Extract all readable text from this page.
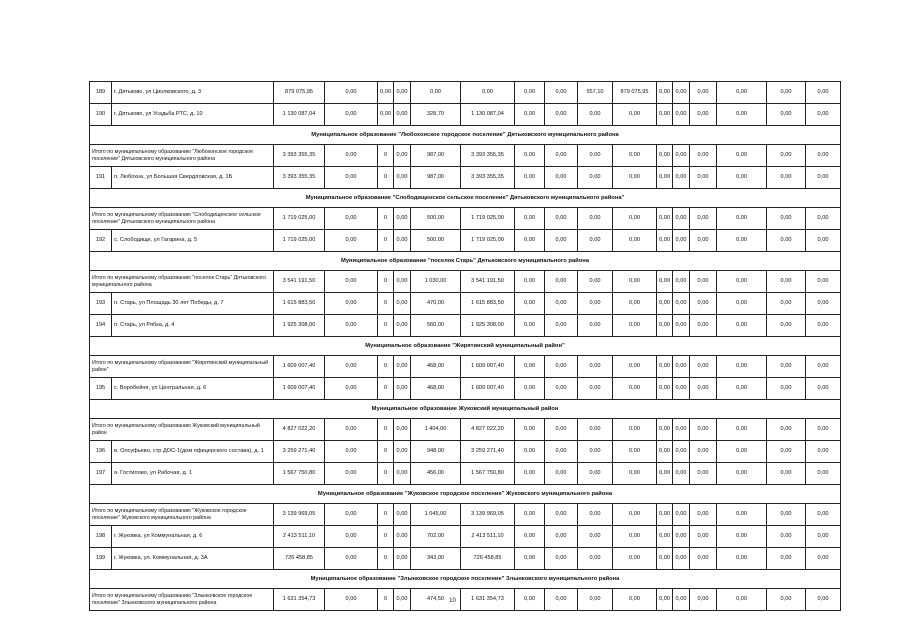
189	г. Дятьково, ул Циолковского, д. 3	879 075,95	0,00	0,00	0,00	0,00	0,00	0,00	0,00	557,10	879 075,95	0,00	0,00	0,00	0,00	0,00	0,00
190	г. Дятьково, ул Усадьба РТС, д. 10	1 130 087,04	0,00	0,00	0,00	328,70	1 130 087,04	0,00	0,00	0,00	0,00	0,00	0,00	0,00	0,00	0,00	0,00
Муниципальное образование "Любохонское городское поселение" Дятьковского муниципального района																	
Итого по муниципальному образованию "Любохонское городское поселение" Дятьковского муниципального района		3 393 355,35	0,00	0	0,00	987,00	3 393 355,35	0,00	0,00	0,00	0,00	0,00	0,00	0,00	0,00	0,00	0,00
191	п. Любохна, ул Большая Свердловская, д. 1Б	3 393 355,35	0,00	0	0,00	987,00	3 393 355,35	0,00	0,00	0,00	0,00	0,00	0,00	0,00	0,00	0,00	0,00
Муниципальное образование "Слободищенское сельское поселение" Дятьковского муниципального района"																	
Итого по муниципальному образованию "Слободищенское сельское поселение" Дятьковского муниципального района		1 719 025,00	0,00	0	0,00	500,00	1 719 025,00	0,00	0,00	0,00	0,00	0,00	0,00	0,00	0,00	0,00	0,00
192	с. Слободище, ул Гагарина, д. 5	1 719 025,00	0,00	0	0,00	500,00	1 719 025,00	0,00	0,00	0,00	0,00	0,00	0,00	0,00	0,00	0,00	0,00
Муниципальное образование "поселок Старь" Дятьковского муниципального района																	
Итого по муниципальному образованию "поселок Старь" Дятьковского муниципального района		3 541 191,50	0,00	0	0,00	1 030,00	3 541 191,50	0,00	0,00	0,00	0,00	0,00	0,00	0,00	0,00	0,00	0,00
193	п. Старь, ул Площадь 30 лет Победы, д. 7	1 615 883,50	0,00	0	0,00	470,00	1 615 883,50	0,00	0,00	0,00	0,00	0,00	0,00	0,00	0,00	0,00	0,00
194	п. Старь, ул Рябка, д. 4	1 925 308,00	0,00	0	0,00	560,00	1 925 308,00	0,00	0,00	0,00	0,00	0,00	0,00	0,00	0,00	0,00	0,00
Муниципальное образование "Жирятинский муниципальный район"																	
Итого по муниципальному образованию "Жирятинский муниципальный район"		1 609 007,40	0,00	0	0,00	468,00	1 609 007,40	0,00	0,00	0,00	0,00	0,00	0,00	0,00	0,00	0,00	0,00
195	с. Воробейня, ул Центральная, д. 6	1 609 007,40	0,00	0	0,00	468,00	1 609 007,40	0,00	0,00	0,00	0,00	0,00	0,00	0,00	0,00	0,00	0,00
Муниципальное образование Жуковский муниципальный район																	
Итого по муниципальному образованию Жуковский муниципальный район		4 827 022,20	0,00	0	0,00	1 404,00	4 827 022,20	0,00	0,00	0,00	0,00	0,00	0,00	0,00	0,00	0,00	0,00
196	в. Олсуфьево, стр ДОС-1(дом офицерского состава), д. 1	3 259 271,40	0,00	0	0,00	948,00	3 259 271,40	0,00	0,00	0,00	0,00	0,00	0,00	0,00	0,00	0,00	0,00
197	я. Гостилово, ул Рабочая, д. 1	1 567 750,80	0,00	0	0,00	456,00	1 567 750,80	0,00	0,00	0,00	0,00	0,00	0,00	0,00	0,00	0,00	0,00
Муниципальное образование "Жуковское городское поселение" Жуковского муниципального района																	
Итого по муниципальному образованию "Жуковское городское поселение" Жуковского муниципального района		3 139 969,05	0,00	0	0,00	1 045,00	3 139 969,05	0,00	0,00	0,00	0,00	0,00	0,00	0,00	0,00	0,00	0,00
198	г. Жуковка, ул Коммунальная, д. 6	2 413 511,10	0,00	0	0,00	702,00	2 413 511,10	0,00	0,00	0,00	0,00	0,00	0,00	0,00	0,00	0,00	0,00
199	г. Жуковка, ул. Коммунальная, д. 3А	726 458,85	0,00	0	0,00	343,00	726 458,85	0,00	0,00	0,00	0,00	0,00	0,00	0,00	0,00	0,00	0,00
Муниципальное образование "Злынковское городское поселение" Злынковского муниципального района																	
Итого по муниципальному образованию "Злынковское городское поселение" Злынковского муниципального района		1 631 354,73	0,00	0	0,00	474,50	1 631 354,73	0,00	0,00	0,00	0,00	0,00	0,00	0,00	0,00	0,00	0,00
10
